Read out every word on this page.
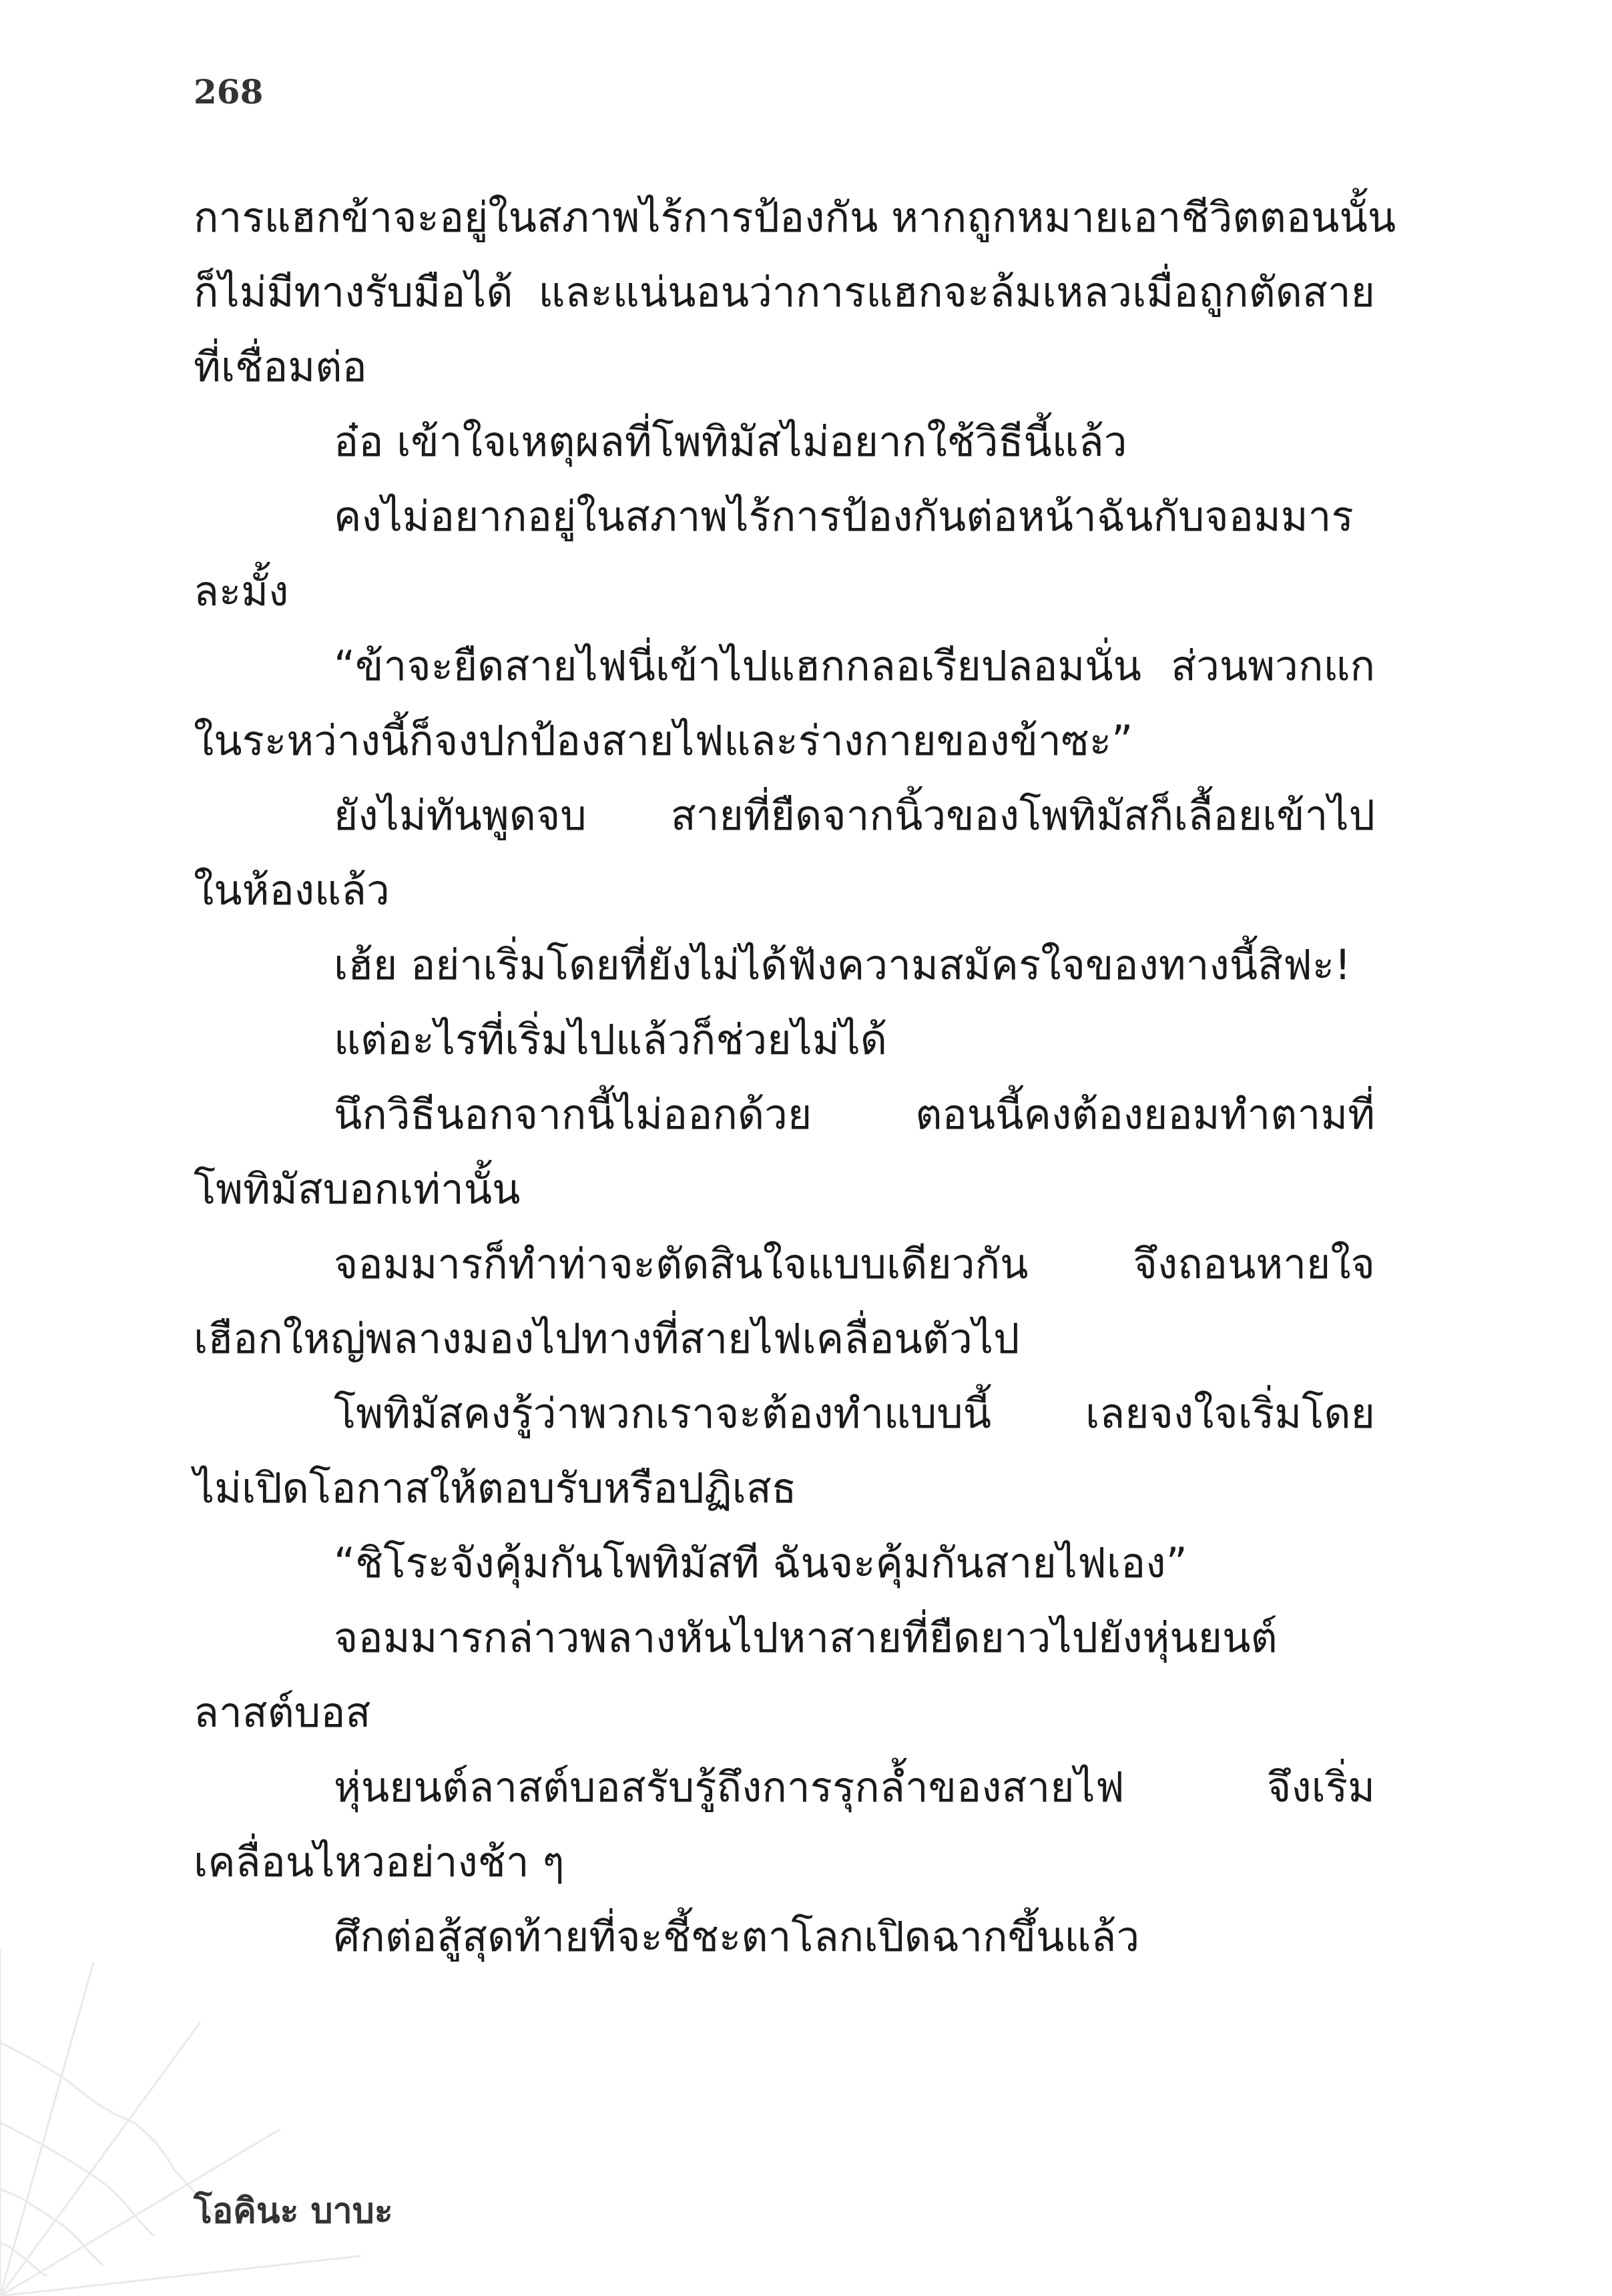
268
การแฮกข้าจะอยู่ในสภาพไร้การป้องกัน หากถูกหมายเอาชีวิตตอนนั้น
ก็ไม่มีทางรับมือได้ และแน่นอนว่าการแฮกจะล้มเหลวเมื่อถูกตัดสาย
ที่เชื่อมต่อ
อ๋อ เข้าใจเหตุผลที่โพทิมัสไม่อยากใช้วิธีนี้แล้ว
คงไม่อยากอยู่ในสภาพไร้การป้องกันต่อหน้าฉันกับจอมมาร
ละมั้ง
“ข้าจะยืดสายไฟนี่เข้าไปแฮกกลอเรียปลอมนั่น ส่วนพวกแก
ในระหว่างนี้ก็จงปกป้องสายไฟและร่างกายของข้าซะ”
ยังไม่ทันพูดจบ สายที่ยืดจากนิ้วของโพทิมัสก็เลื้อยเข้าไป
ในห้องแล้ว
เฮ้ย อย่าเริ่มโดยที่ยังไม่ได้ฟังความสมัครใจของทางนี้สิฟะ!
แต่อะไรที่เริ่มไปแล้วก็ช่วยไม่ได้
นึกวิธีนอกจากนี้ไม่ออกด้วย ตอนนี้คงต้องยอมทำตามที่
โพทิมัสบอกเท่านั้น
จอมมารก็ทำท่าจะตัดสินใจแบบเดียวกัน จึงถอนหายใจ
เฮือกใหญ่พลางมองไปทางที่สายไฟเคลื่อนตัวไป
โพทิมัสคงรู้ว่าพวกเราจะต้องทำแบบนี้ เลยจงใจเริ่มโดย
ไม่เปิดโอกาสให้ตอบรับหรือปฏิเสธ
“ชิโระจังคุ้มกันโพทิมัสที ฉันจะคุ้มกันสายไฟเอง”
จอมมารกล่าวพลางหันไปหาสายที่ยืดยาวไปยังหุ่นยนต์
ลาสต์บอส
หุ่นยนต์ลาสต์บอสรับรู้ถึงการรุกล้ำของสายไฟ จึงเริ่ม
เคลื่อนไหวอย่างช้า ๆ
ศึกต่อสู้สุดท้ายที่จะชี้ชะตาโลกเปิดฉากขึ้นแล้ว
โอคินะ บาบะ
